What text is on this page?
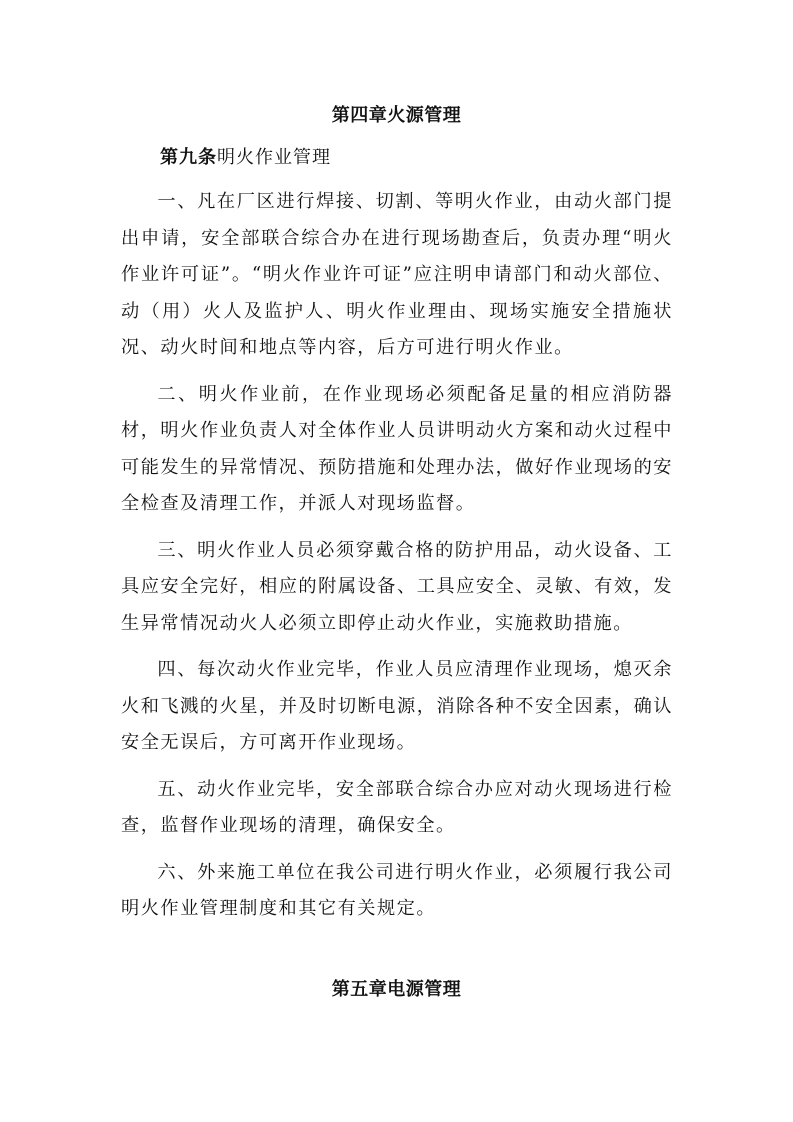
第四章火源管理
第九条明火作业管理

一、凡在厂区进行焊接、切割、等明火作业，由动火部门提出申请，安全部联合综合办在进行现场勘查后，负责办理“明火作业许可证”。“明火作业许可证”应注明申请部门和动火部位、动（用）火人及监护人、明火作业理由、现场实施安全措施状况、动火时间和地点等内容，后方可进行明火作业。

二、明火作业前，在作业现场必须配备足量的相应消防器材，明火作业负责人对全体作业人员讲明动火方案和动火过程中可能发生的异常情况、预防措施和处理办法，做好作业现场的安全检查及清理工作，并派人对现场监督。

三、明火作业人员必须穿戴合格的防护用品，动火设备、工具应安全完好，相应的附属设备、工具应安全、灵敏、有效，发生异常情况动火人必须立即停止动火作业，实施救助措施。

四、每次动火作业完毕，作业人员应清理作业现场，熄灭余火和飞溅的火星，并及时切断电源，消除各种不安全因素，确认安全无误后，方可离开作业现场。

五、动火作业完毕，安全部联合综合办应对动火现场进行检查，监督作业现场的清理，确保安全。

六、外来施工单位在我公司进行明火作业，必须履行我公司明火作业管理制度和其它有关规定。

第五章电源管理
